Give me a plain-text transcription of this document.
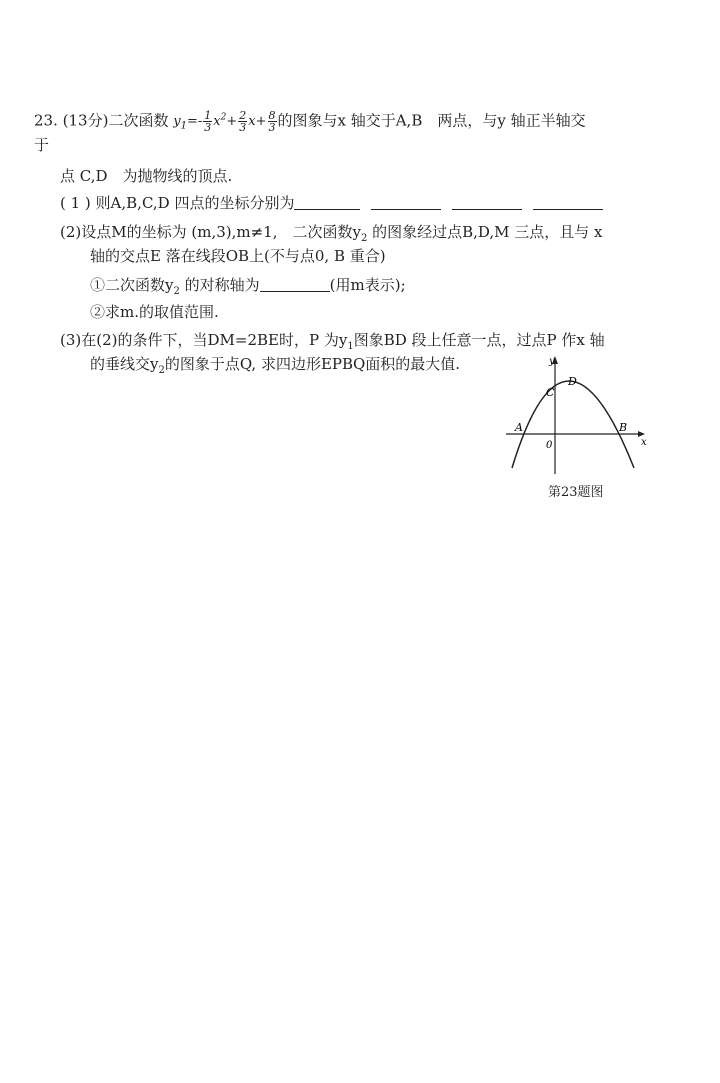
23. (13分)二次函数 $y_1=- \frac{1}{3} x^2+ \frac{2}{3} x+ \frac{8}{3}$ 的图象与x 轴交于A,B　两点，与y 轴正半轴交
于
点 C,D　为抛物线的顶点.
( 1 ) 则A,B,C,D 四点的坐标分别为
(2)设点M的坐标为 (m,3),m≠1,　二次函数$y_2$ 的图象经过点B,D,M 三点，且与 x
轴的交点E 落在线段OB上(不与点0, B 重合)
①二次函数$y_2$ 的对称轴为	(用m表示);
②求m.的取值范围.
(3)在(2)的条件下，当DM=2BE时，P 为$y_1$图象BD 段上任意一点，过点P 作x 轴
的垂线交$y_2$的图象于点Q, 求四边形EPBQ面积的最大值.	y
x
C
D
A	B
0
第23题图
